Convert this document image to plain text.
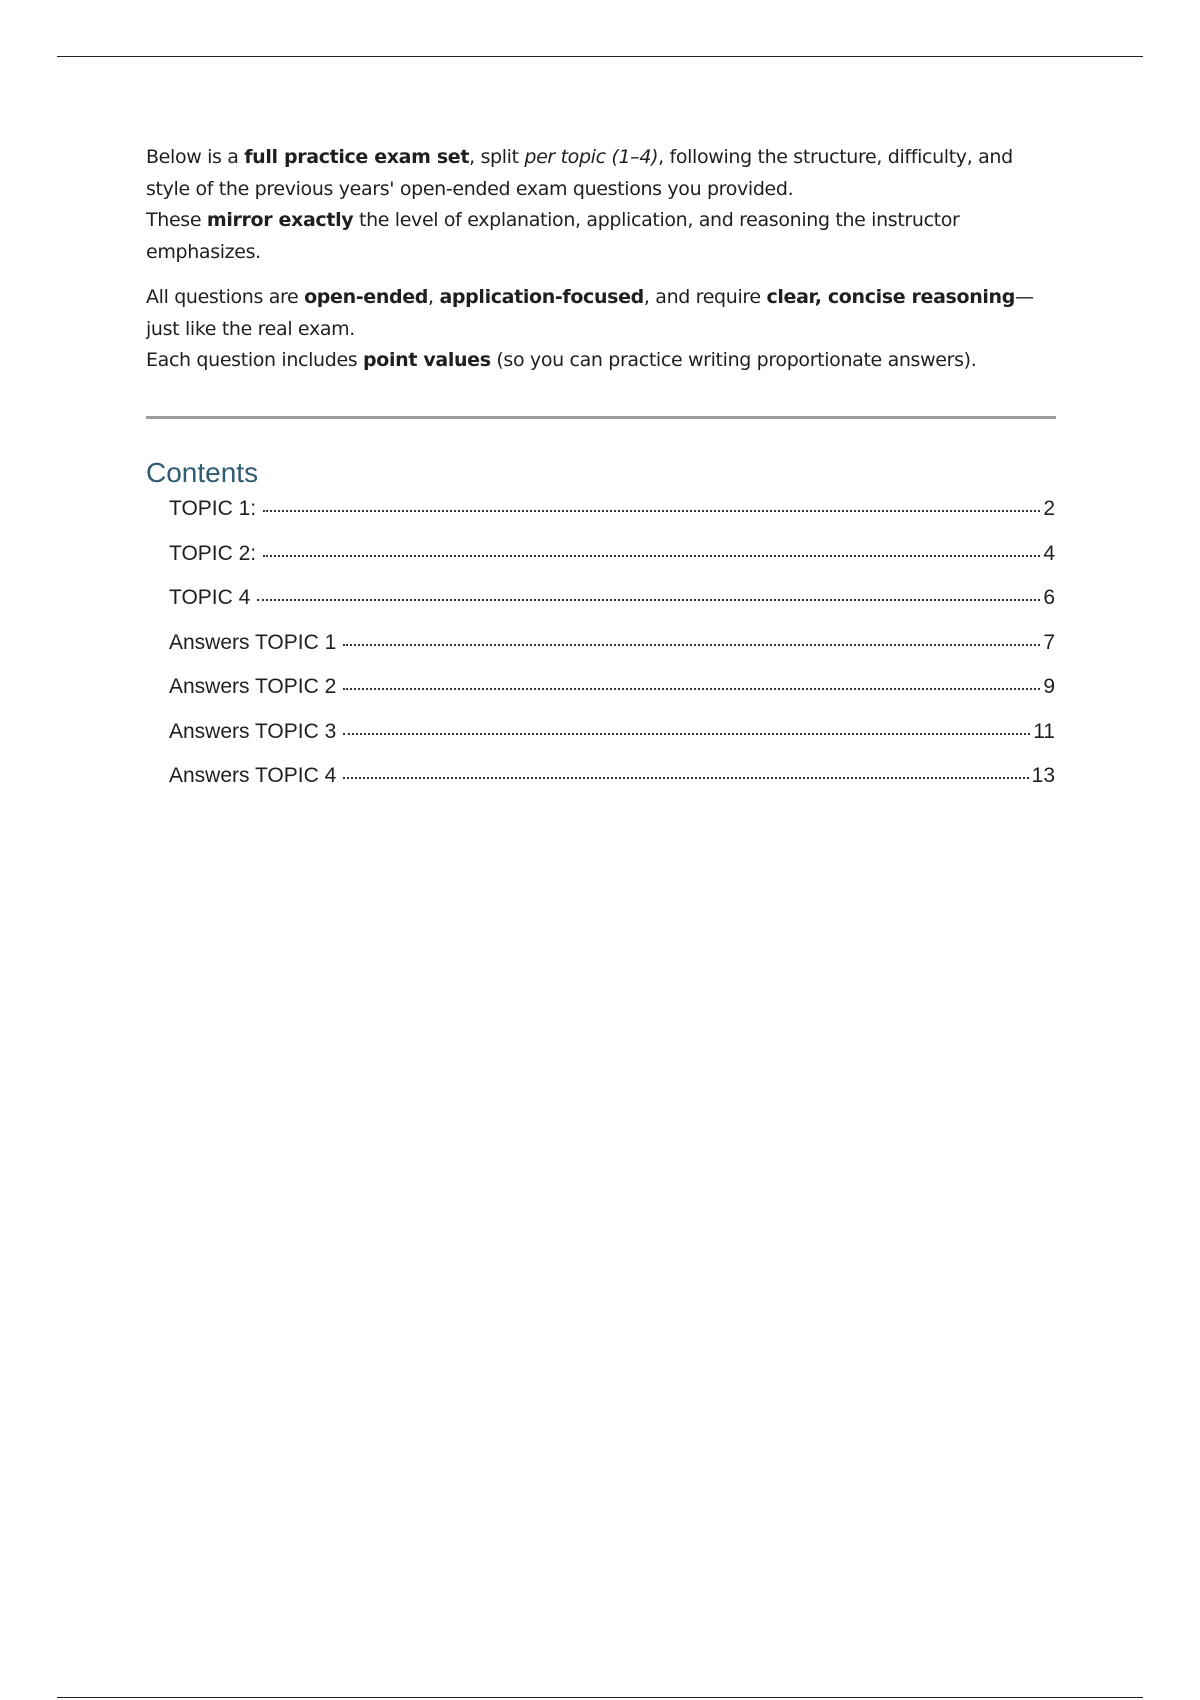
Below is a full practice exam set, split per topic (1–4), following the structure, difficulty, and style of the previous years' open-ended exam questions you provided.
These mirror exactly the level of explanation, application, and reasoning the instructor emphasizes.

All questions are open-ended, application-focused, and require clear, concise reasoning—just like the real exam.
Each question includes point values (so you can practice writing proportionate answers).

Contents
TOPIC 1:	2
TOPIC 2:	4
TOPIC 4	6
Answers TOPIC 1	7
Answers TOPIC 2	9
Answers TOPIC 3	11
Answers TOPIC 4	13
